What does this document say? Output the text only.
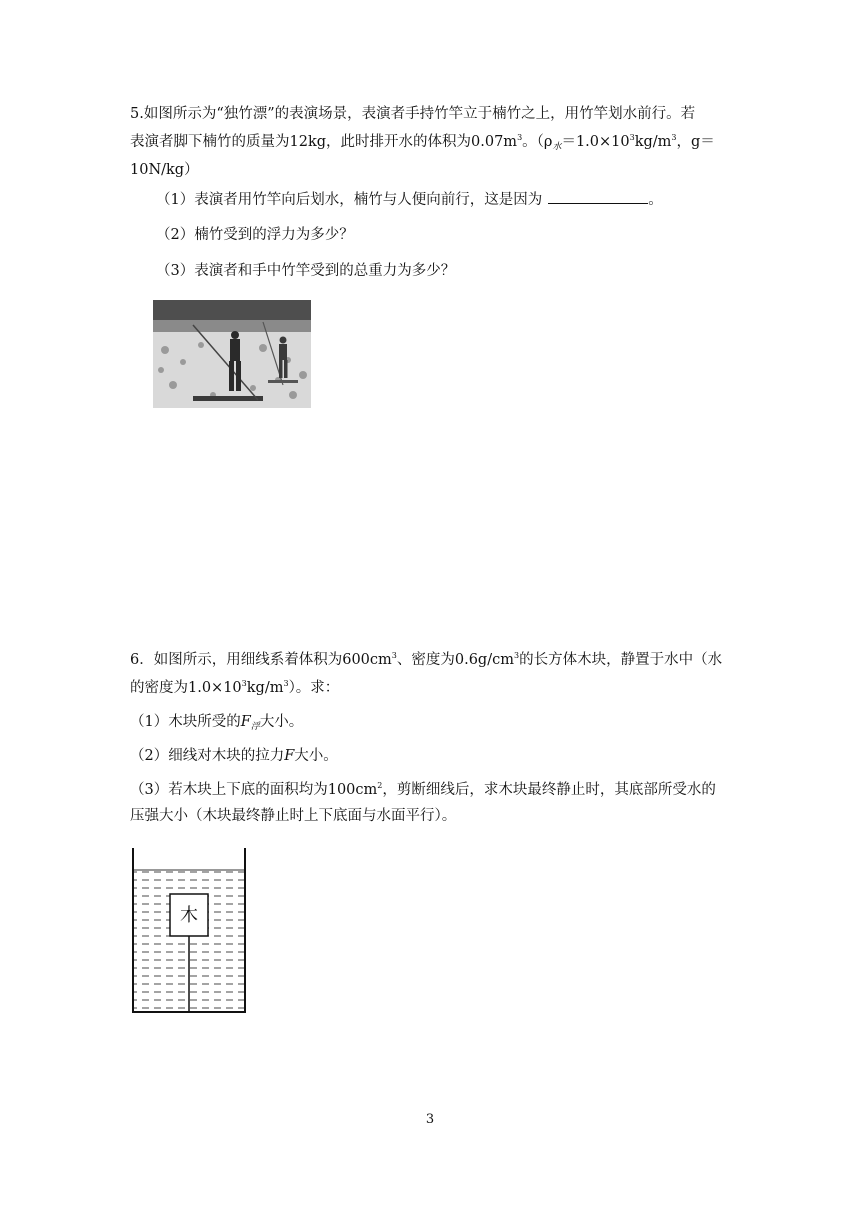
5.如图所示为“独竹漂”的表演场景，表演者手持竹竿立于楠竹之上，用竹竿划水前行。若
表演者脚下楠竹的质量为12kg，此时排开水的体积为$0.07m^3$。（$\rho_水=1.0\times 10^3kg/m^3$，g＝
10N/kg）
（1）表演者用竹竿向后划水，楠竹与人便向前行，这是因为	。
（2）楠竹受到的浮力为多少？
（3）表演者和手中竹竿受到的总重力为多少？
6．如图所示，用细线系着体积为$600cm^3$、密度为$0.6g/cm^3$的长方体木块，静置于水中（水
的密度为$1.0\times 10^3kg/m^3$）。求：
（1）木块所受的$F_浮$大小。
（2）细线对木块的拉力F大小。
（3）若木块上下底的面积均为$100cm^2$，剪断细线后，求木块最终静止时，其底部所受水的
压强大小（木块最终静止时上下底面与水面平行）。
木
3
